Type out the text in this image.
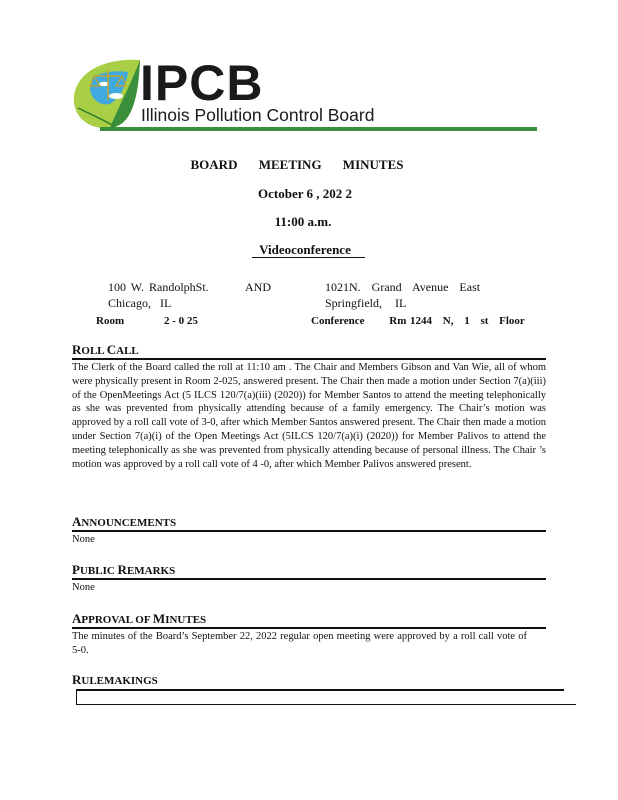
IPCB
Illinois Pollution Control Board
BOARD MEETING MINUTES
October 6 , 202 2
11:00 a.m.
Videoconference
100 W. RandolphSt.
Chicago, IL
Room	2 - 0 25
AND	1021N. Grand Avenue East
Springfield, IL
Conference Rm 1244 N, 1 st Floor
ROLL CALL
The Clerk of the Board called the roll at 11:10 am . The Chair and Members Gibson and Van Wie, all of whom were physically present in Room 2-025, answered present. The Chair then made a motion under Section 7(a)(iii) of the OpenMeetings Act (5 ILCS 120/7(a)(iii) (2020)) for Member Santos to attend the meeting telephonically as she was prevented from physically attending because of a family emergency. The Chair’s motion was approved by a roll call vote of 3-0, after which Member Santos answered present. The Chair then made a motion under Section 7(a)(i) of the Open Meetings Act (5ILCS 120/7(a)(i) (2020)) for Member Palivos to attend the meeting telephonically as she was prevented from physically attending because of personal illness. The Chair ’s motion was approved by a roll call vote of 4 -0, after which Member Palivos answered present.
ANNOUNCEMENTS
None
PUBLIC REMARKS
None
APPROVAL OF MINUTES
The minutes of the Board’s September 22, 2022 regular open meeting were approved by a roll call vote of 5-0.
RULEMAKINGS
